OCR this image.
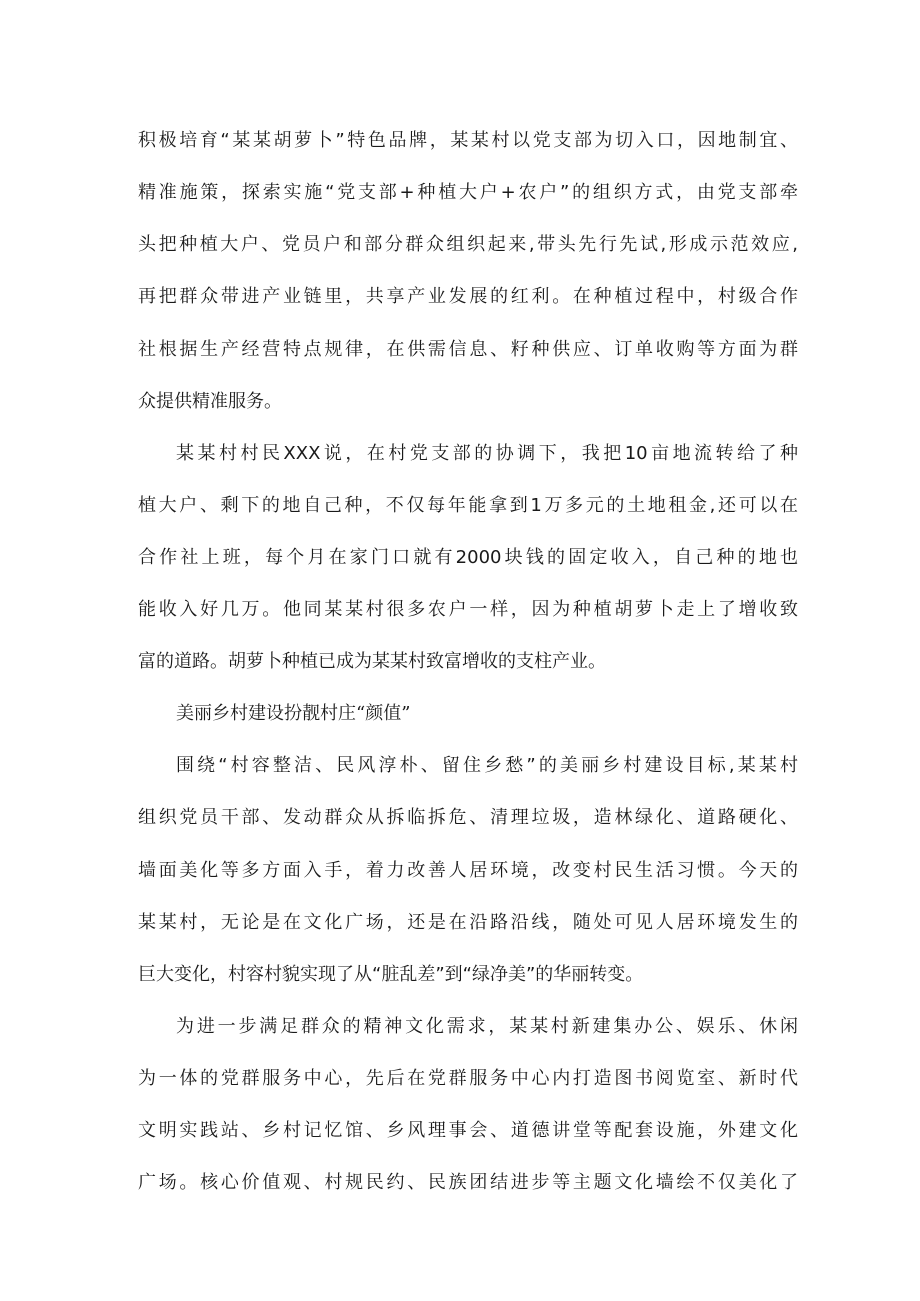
积极培育“某某胡萝卜”特色品牌，某某村以党支部为切入口，因地制宜、
精准施策，探索实施“党支部+种植大户+农户”的组织方式，由党支部牵
头把种植大户、党员户和部分群众组织起来,带头先行先试,形成示范效应,
再把群众带进产业链里，共享产业发展的红利。在种植过程中，村级合作
社根据生产经营特点规律，在供需信息、籽种供应、订单收购等方面为群
众提供精准服务。
某某村村民XXX说，在村党支部的协调下，我把10亩地流转给了种
植大户、剩下的地自己种，不仅每年能拿到1万多元的土地租金,还可以在
合作社上班，每个月在家门口就有2000块钱的固定收入，自己种的地也
能收入好几万。他同某某村很多农户一样，因为种植胡萝卜走上了增收致
富的道路。胡萝卜种植已成为某某村致富增收的支柱产业。
美丽乡村建设扮靓村庄“颜值”
围绕“村容整洁、民风淳朴、留住乡愁”的美丽乡村建设目标,某某村
组织党员干部、发动群众从拆临拆危、清理垃圾，造林绿化、道路硬化、
墙面美化等多方面入手，着力改善人居环境，改变村民生活习惯。今天的
某某村，无论是在文化广场，还是在沿路沿线，随处可见人居环境发生的
巨大变化，村容村貌实现了从“脏乱差”到“绿净美”的华丽转变。
为进一步满足群众的精神文化需求，某某村新建集办公、娱乐、休闲
为一体的党群服务中心，先后在党群服务中心内打造图书阅览室、新时代
文明实践站、乡村记忆馆、乡风理事会、道德讲堂等配套设施，外建文化
广场。核心价值观、村规民约、民族团结进步等主题文化墙绘不仅美化了
